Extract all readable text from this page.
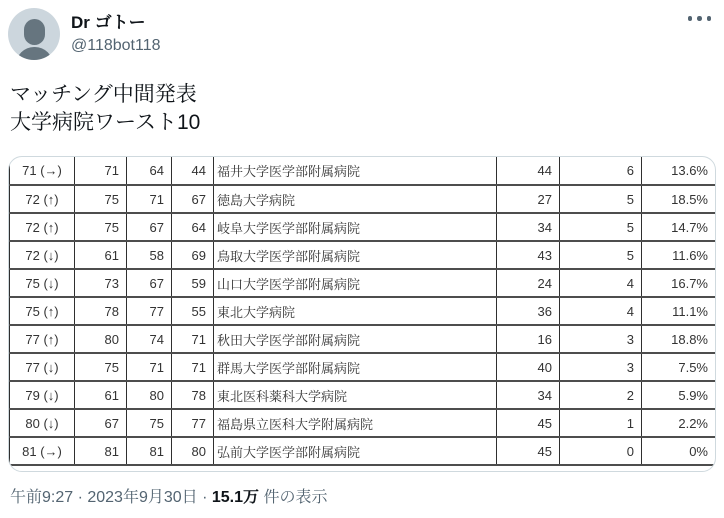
Dr ゴトー
@118bot118
マッチング中間発表
大学病院ワースト10
71 (→)	71	64	44	福井大学医学部附属病院	44	6	13.6%
72 (↑)	75	71	67	徳島大学病院	27	5	18.5%
72 (↑)	75	67	64	岐阜大学医学部附属病院	34	5	14.7%
72 (↓)	61	58	69	鳥取大学医学部附属病院	43	5	11.6%
75 (↓)	73	67	59	山口大学医学部附属病院	24	4	16.7%
75 (↑)	78	77	55	東北大学病院	36	4	11.1%
77 (↑)	80	74	71	秋田大学医学部附属病院	16	3	18.8%
77 (↓)	75	71	71	群馬大学医学部附属病院	40	3	7.5%
79 (↓)	61	80	78	東北医科薬科大学病院	34	2	5.9%
80 (↓)	67	75	77	福島県立医科大学附属病院	45	1	2.2%
81 (→)	81	81	80	弘前大学医学部附属病院	45	0	0%
午前9:27 · 2023年9月30日 · 15.1万 件の表示
